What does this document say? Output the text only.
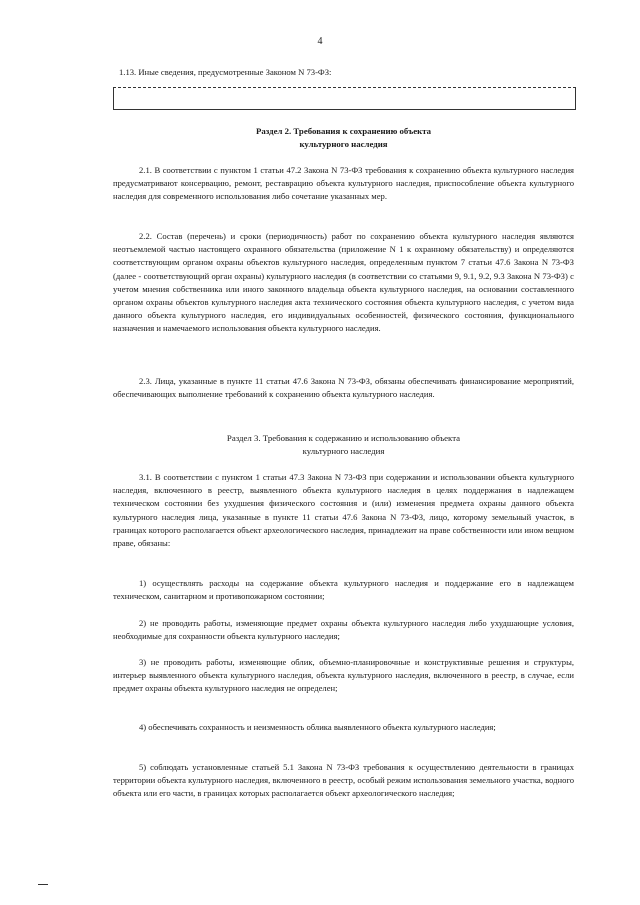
4

1.13. Иные сведения, предусмотренные Законом N 73-ФЗ:

Раздел 2. Требования к сохранению объекта

культурного наследия

2.1. В соответствии с пунктом 1 статьи 47.2 Закона N 73-ФЗ требования к сохранению объекта культурного наследия предусматривают консервацию, ремонт, реставрацию объекта культурного наследия, приспособление объекта культурного наследия для современного использования либо сочетание указанных мер.

2.2. Состав (перечень) и сроки (периодичность) работ по сохранению объекта культурного наследия являются неотъемлемой частью настоящего охранного обязательства (приложение N 1 к охранному обязательству) и определяются соответствующим органом охраны объектов культурного наследия, определенным пунктом 7 статьи 47.6 Закона N 73-ФЗ (далее - соответствующий орган охраны) культурного наследия (в соответствии со статьями 9, 9.1, 9.2, 9.3 Закона N 73-ФЗ) с учетом мнения собственника или иного законного владельца объекта культурного наследия, на основании составленного органом охраны объектов культурного наследия акта технического состояния объекта культурного наследия, с учетом вида данного объекта культурного наследия, его индивидуальных особенностей, физического состояния, функционального назначения и намечаемого использования объекта культурного наследия.

2.3. Лица, указанные в пункте 11 статьи 47.6 Закона N 73-ФЗ, обязаны обеспечивать финансирование мероприятий, обеспечивающих выполнение требований к сохранению объекта культурного наследия.

Раздел 3. Требования к содержанию и использованию объекта

культурного наследия

3.1. В соответствии с пунктом 1 статьи 47.3 Закона N 73-ФЗ при содержании и использовании объекта культурного наследия, включенного в реестр, выявленного объекта культурного наследия в целях поддержания в надлежащем техническом состоянии без ухудшения физического состояния и (или) изменения предмета охраны данного объекта культурного наследия лица, указанные в пункте 11 статьи 47.6 Закона N 73-ФЗ, лицо, которому земельный участок, в границах которого располагается объект археологического наследия, принадлежит на праве собственности или ином вещном праве, обязаны:

1) осуществлять расходы на содержание объекта культурного наследия и поддержание его в надлежащем техническом, санитарном и противопожарном состоянии;

2) не проводить работы, изменяющие предмет охраны объекта культурного наследия либо ухудшающие условия, необходимые для сохранности объекта культурного наследия;

3) не проводить работы, изменяющие облик, объемно-планировочные и конструктивные решения и структуры, интерьер выявленного объекта культурного наследия, объекта культурного наследия, включенного в реестр, в случае, если предмет охраны объекта культурного наследия не определен;

4) обеспечивать сохранность и неизменность облика выявленного объекта культурного наследия;

5) соблюдать установленные статьей 5.1 Закона N 73-ФЗ требования к осуществлению деятельности в границах территории объекта культурного наследия, включенного в реестр, особый режим использования земельного участка, водного объекта или его части, в границах которых располагается объект археологического наследия;
